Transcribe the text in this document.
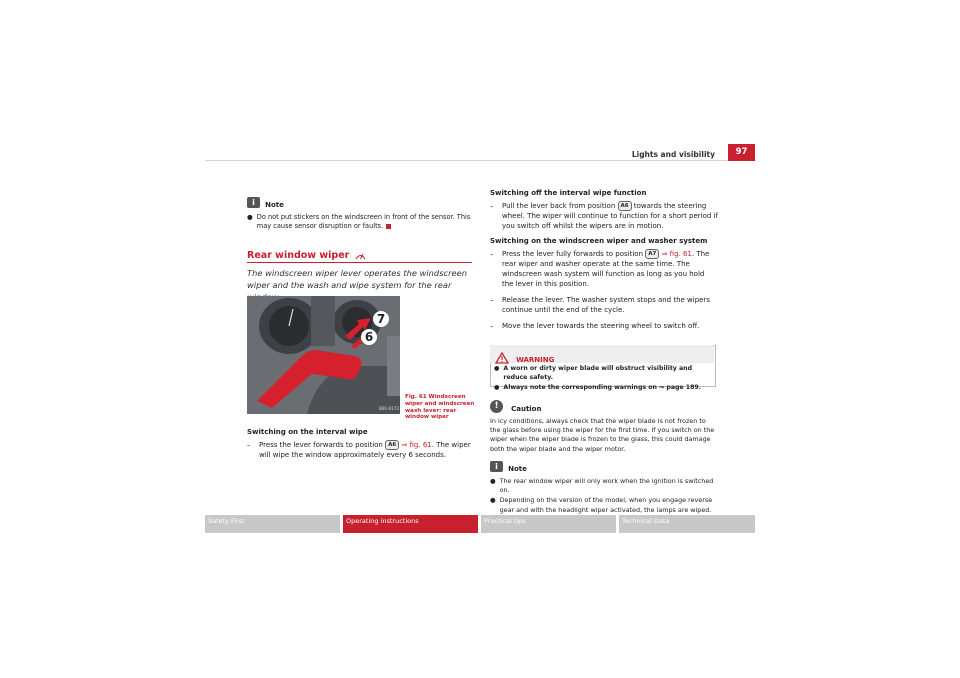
Lights and visibility	97
i Note
● Do not put stickers on the windscreen in front of the sensor. This may cause sensor disruption or faults.
Rear window wiper
The windscreen wiper lever operates the windscreen wiper and the wash and wipe system for the rear
7
6
B6U-0173
Fig. 61 Windscreen wiper and windscreen wash lever: rear window wiper
Switching on the interval wipe
–	Press the lever forwards to position A6 ⇒ fig. 61. The wiper will wipe the window approximately every 6 seconds.
Switching off the interval wipe function
–	Pull the lever back from position A6 towards the steering wheel. The wiper will continue to function for a short period if you switch off whilst the wipers are in motion.
Switching on the windscreen wiper and washer system
–	Press the lever fully forwards to position A7 ⇒ fig. 61. The rear wiper and washer operate at the same time. The windscreen wash system will function as long as you hold the lever in this position.
–	Release the lever. The washer system stops and the wipers continue until the end of the cycle.
–	Move the lever towards the steering wheel to switch off.
WARNING
● A worn or dirty wiper blade will obstruct visibility and reduce safety.
● Always note the corresponding warnings on ⇒ page 189.
! Caution
In icy conditions, always check that the wiper blade is not frozen to the glass before using the wiper for the first time. If you switch on the wiper when the wiper blade is frozen to the glass, this could damage both the wiper blade and the wiper motor.
i Note
● The rear window wiper will only work when the ignition is switched on.
● Depending on the version of the model, when you engage reverse gear and with the headlight wiper activated, the lamps are wiped.
Safety First	Operating instructions	Practical tips	Technical Data
